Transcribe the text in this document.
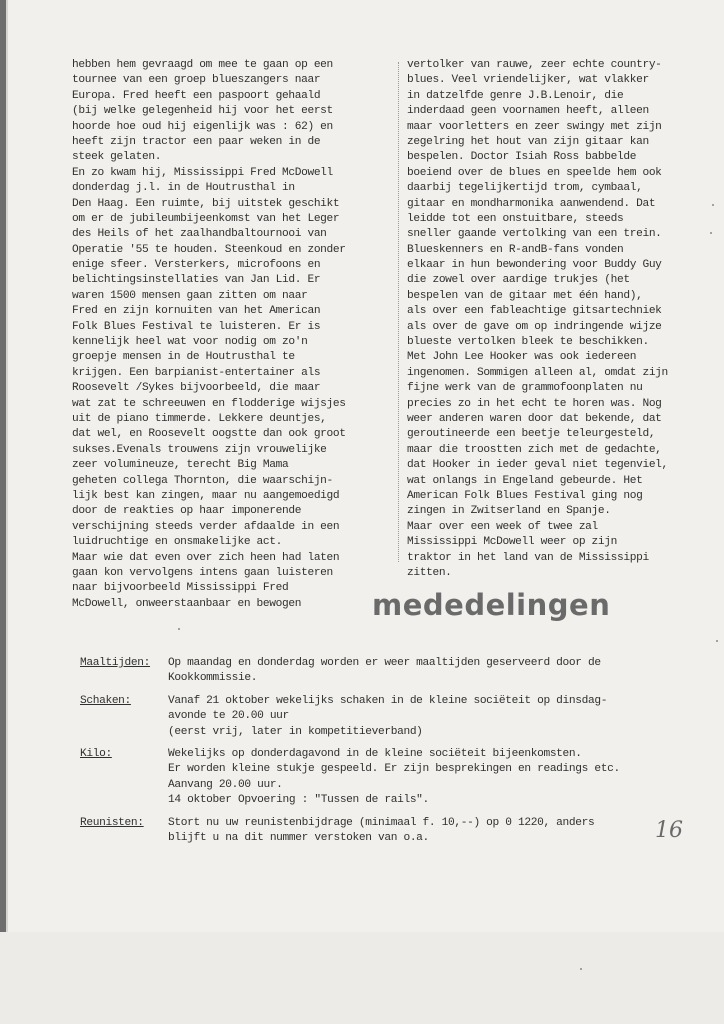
hebben hem gevraagd om mee te gaan op een
tournee van een groep blueszangers naar
Europa. Fred heeft een paspoort gehaald
(bij welke gelegenheid hij voor het eerst
hoorde hoe oud hij eigenlijk was : 62) en
heeft zijn tractor een paar weken in de
steek gelaten.
En zo kwam hij, Mississippi Fred McDowell
donderdag j.l. in de Houtrusthal in
Den Haag. Een ruimte, bij uitstek geschikt
om er de jubileumbijeenkomst van het Leger
des Heils of het zaalhandbaltournooi van
Operatie '55 te houden. Steenkoud en zonder
enige sfeer. Versterkers, microfoons en
belichtingsinstellaties van Jan Lid. Er
waren 1500 mensen gaan zitten om naar
Fred en zijn kornuiten van het American
Folk Blues Festival te luisteren. Er is
kennelijk heel wat voor nodig om zo'n
groepje mensen in de Houtrusthal te
krijgen. Een barpianist-entertainer als
Roosevelt /Sykes bijvoorbeeld, die maar
wat zat te schreeuwen en flodderige wijsjes
uit de piano timmerde. Lekkere deuntjes,
dat wel, en Roosevelt oogstte dan ook groot
sukses.Evenals trouwens zijn vrouwelijke
zeer volumineuze, terecht Big Mama
geheten collega Thornton, die waarschijn-
lijk best kan zingen, maar nu aangemoedigd
door de reakties op haar imponerende
verschijning steeds verder afdaalde in een
luidruchtige en onsmakelijke act.
Maar wie dat even over zich heen had laten
gaan kon vervolgens intens gaan luisteren
naar bijvoorbeeld Mississippi Fred
McDowell, onweerstaanbaar en bewogen
vertolker van rauwe, zeer echte country-
blues. Veel vriendelijker, wat vlakker
in datzelfde genre J.B.Lenoir, die
inderdaad geen voornamen heeft, alleen
maar voorletters en zeer swingy met zijn
zegelring het hout van zijn gitaar kan
bespelen. Doctor Isiah Ross babbelde
boeiend over de blues en speelde hem ook
daarbij tegelijkertijd trom, cymbaal,
gitaar en mondharmonika aanwendend. Dat
leidde tot een onstuitbare, steeds
sneller gaande vertolking van een trein.
Blueskenners en R-andB-fans vonden
elkaar in hun bewondering voor Buddy Guy
die zowel over aardige trukjes (het
bespelen van de gitaar met één hand),
als over een fableachtige gitsartechniek
als over de gave om op indringende wijze
blueste vertolken bleek te beschikken.
Met John Lee Hooker was ook iedereen
ingenomen. Sommigen alleen al, omdat zijn
fijne werk van de grammofoonplaten nu
precies zo in het echt te horen was. Nog
weer anderen waren door dat bekende, dat
geroutineerde een beetje teleurgesteld,
maar die troostten zich met de gedachte,
dat Hooker in ieder geval niet tegenviel,
wat onlangs in Engeland gebeurde. Het
American Folk Blues Festival ging nog
zingen in Zwitserland en Spanje.
Maar over een week of twee zal
Mississippi McDowell weer op zijn
traktor in het land van de Mississippi
zitten.
mededelingen
Maaltijden: Op maandag en donderdag worden er weer maaltijden geserveerd door de
Kookkommissie.
Schaken:	Vanaf 21 oktober wekelijks schaken in de kleine sociëteit op dinsdag-
avonde te 20.00 uur
(eerst vrij, later in kompetitieverband)
Kilo:	Wekelijks op donderdagavond in de kleine sociëteit bijeenkomsten.
Er worden kleine stukje gespeeld. Er zijn besprekingen en readings etc.
Aanvang 20.00 uur.
14 oktober Opvoering : "Tussen de rails".
Reunisten: Stort nu uw reunistenbijdrage (minimaal f. 10,--) op 0 1220, anders
blijft u na dit nummer verstoken van o.a.	16
